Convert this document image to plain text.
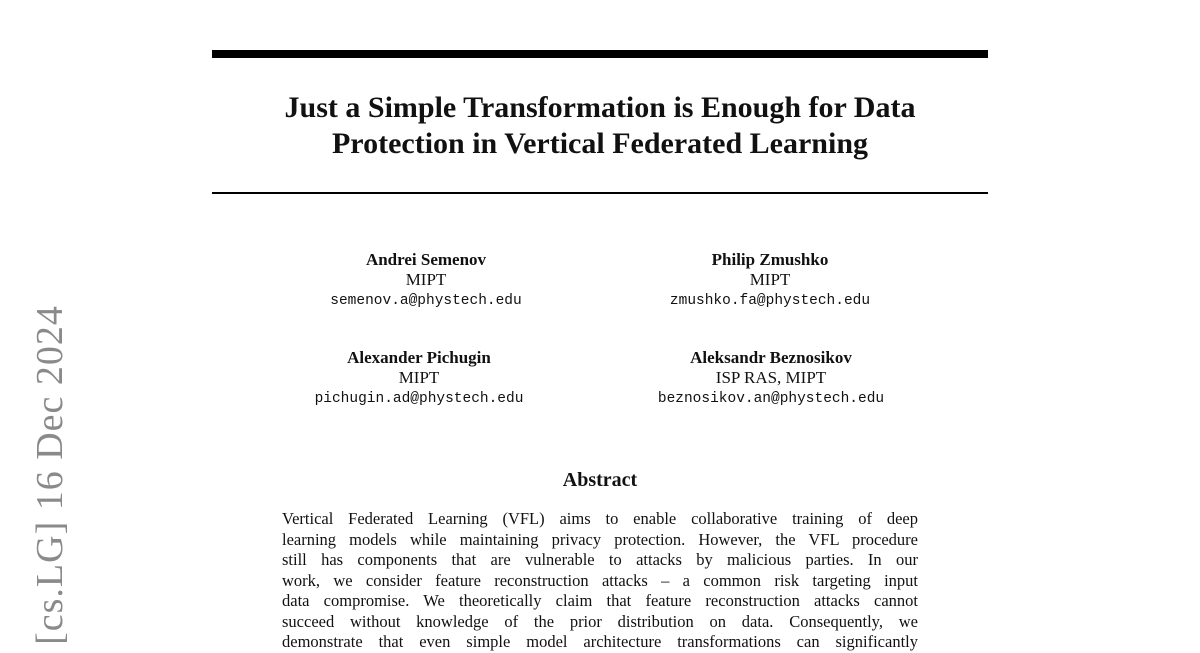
[cs.LG] 16 Dec 2024
Just a Simple Transformation is Enough for Data
Protection in Vertical Federated Learning
Andrei Semenov
MIPT
semenov.a@phystech.edu
Philip Zmushko
MIPT
zmushko.fa@phystech.edu
Alexander Pichugin
MIPT
pichugin.ad@phystech.edu
Aleksandr Beznosikov
ISP RAS, MIPT
beznosikov.an@phystech.edu
Abstract
Vertical Federated Learning (VFL) aims to enable collaborative training of deep
learning models while maintaining privacy protection. However, the VFL procedure
still has components that are vulnerable to attacks by malicious parties. In our
work, we consider feature reconstruction attacks – a common risk targeting input
data compromise. We theoretically claim that feature reconstruction attacks cannot
succeed without knowledge of the prior distribution on data. Consequently, we
demonstrate that even simple model architecture transformations can significantly
